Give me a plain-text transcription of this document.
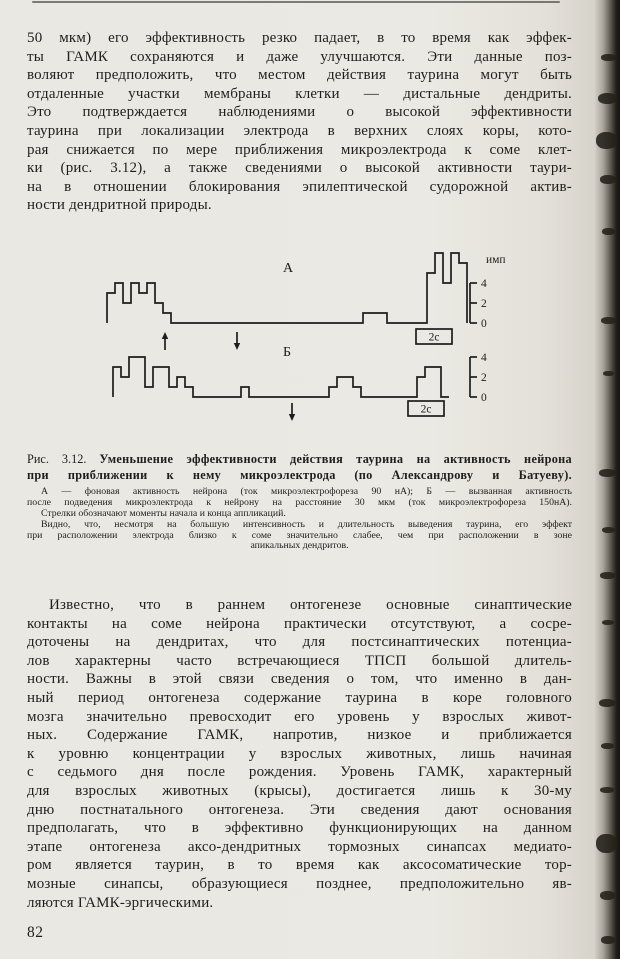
50 мкм) его эффективность резко падает, в то время как эффек-
ты ГАМК сохраняются и даже улучшаются. Эти данные поз-
воляют предположить, что местом действия таурина могут быть
отдаленные участки мембраны клетки — дистальные дендриты.
Это подтверждается наблюдениями о высокой эффективности
таурина при локализации электрода в верхних слоях коры, кото-
рая снижается по мере приближения микроэлектрода к соме клет-
ки (рис. 3.12), а также сведениями о высокой активности таури-
на в отношении блокирования эпилептической судорожной актив-
ности дендритной природы.
А
Б
имп
4
2
0
4
2
0
2с
2с
Рис. 3.12. Уменьшение эффективности действия таурина на активность нейрона
при приближении к нему микроэлектрода (по Александрову и Батуеву).
А — фоновая активность нейрона (ток микроэлектрофореза 90 нА); Б — вызванная активность
после подведения микроэлектрода к нейрону на расстояние 30 мкм (ток микроэлектрофореза 150нА).
Стрелки обозначают моменты начала и конца аппликаций.
Видно, что, несмотря на большую интенсивность и длительность выведения таурина, его эффект
при расположении электрода близко к соме значительно слабее, чем при расположении в зоне
апикальных дендритов.
Известно, что в раннем онтогенезе основные синаптические
контакты на соме нейрона практически отсутствуют, а сосре-
доточены на дендритах, что для постсинаптических потенциа-
лов характерны часто встречающиеся ТПСП большой длитель-
ности. Важны в этой связи сведения о том, что именно в дан-
ный период онтогенеза содержание таурина в коре головного
мозга значительно превосходит его уровень у взрослых живот-
ных. Содержание ГАМК, напротив, низкое и приближается
к уровню концентрации у взрослых животных, лишь начиная
с седьмого дня после рождения. Уровень ГАМК, характерный
для взрослых животных (крысы), достигается лишь к 30-му
дню постнатального онтогенеза. Эти сведения дают основания
предполагать, что в эффективно функционирующих на данном
этапе онтогенеза аксо-дендритных тормозных синапсах медиато-
ром является таурин, в то время как аксосоматические тор-
мозные синапсы, образующиеся позднее, предположительно яв-
ляются ГАМК-эргическими.
82
